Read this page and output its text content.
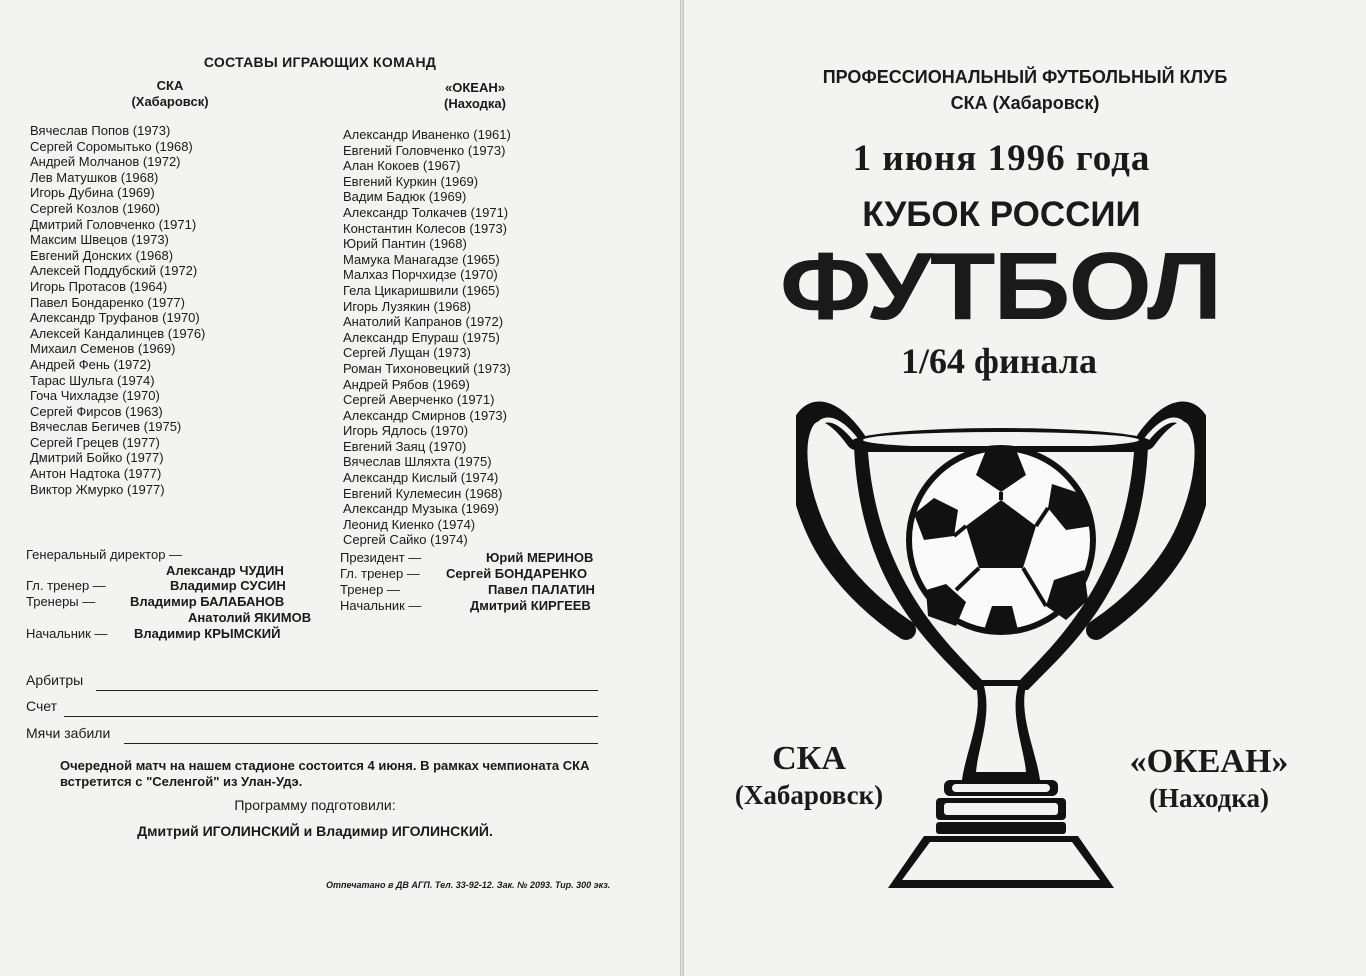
СОСТАВЫ ИГРАЮЩИХ КОМАНД
СКА
(Хабаровск)
«ОКЕАН»
(Находка)
Вячеслав Попов (1973)
Сергей Соромытько (1968)
Андрей Молчанов (1972)
Лев Матушков (1968)
Игорь Дубина (1969)
Сергей Козлов (1960)
Дмитрий Головченко (1971)
Максим Швецов (1973)
Евгений Донских (1968)
Алексей Поддубский (1972)
Игорь Протасов (1964)
Павел Бондаренко (1977)
Александр Труфанов (1970)
Алексей Кандалинцев (1976)
Михаил Семенов (1969)
Андрей Фень (1972)
Тарас Шульга (1974)
Гоча Чихладзе (1970)
Сергей Фирсов (1963)
Вячеслав Бегичев (1975)
Сергей Грецев (1977)
Дмитрий Бойко (1977)
Антон Надтока (1977)
Виктор Жмурко (1977)
Александр Иваненко (1961)
Евгений Головченко (1973)
Алан Кокоев (1967)
Евгений Куркин (1969)
Вадим Бадюк (1969)
Александр Толкачев (1971)
Константин Колесов (1973)
Юрий Пантин (1968)
Мамука Манагадзе (1965)
Малхаз Порчхидзе (1970)
Гела Цикаришвили (1965)
Игорь Лузякин (1968)
Анатолий Капранов (1972)
Александр Епураш (1975)
Сергей Лущан (1973)
Роман Тихоновецкий (1973)
Андрей Рябов (1969)
Сергей Аверченко (1971)
Александр Смирнов (1973)
Игорь Ядлось (1970)
Евгений Заяц (1970)
Вячеслав Шляхта (1975)
Александр Кислый (1974)
Евгений Кулемесин (1968)
Александр Музыка (1969)
Леонид Киенко (1974)
Сергей Сайко (1974)
Генеральный директор —
Александр ЧУДИН
Гл. тренер —	Владимир СУСИН
Тренеры —	Владимир БАЛАБАНОВ
Анатолий ЯКИМОВ
Начальник — Владимир КРЫМСКИЙ
Президент —	Юрий МЕРИНОВ
Гл. тренер — Сергей БОНДАРЕНКО
Тренер —	Павел ПАЛАТИН
Начальник —	Дмитрий КИРГЕЕВ
Арбитры
Счет
Мячи забили
Очередной матч на нашем стадионе состоится 4 июня. В рамках чемпионата СКА встретится с "Селенгой" из Улан-Удэ.
Программу подготовили:
Дмитрий ИГОЛИНСКИЙ и Владимир ИГОЛИНСКИЙ.
Отпечатано в ДВ АГП. Тел. 33-92-12. Зак. № 2093. Тир. 300 экз.
ПРОФЕССИОНАЛЬНЫЙ ФУТБОЛЬНЫЙ КЛУБ
СКА (Хабаровск)
1 июня 1996 года
КУБОК РОССИИ
ФУТБОЛ
1/64 финала
СКА
(Хабаровск)
«ОКЕАН»
(Находка)
